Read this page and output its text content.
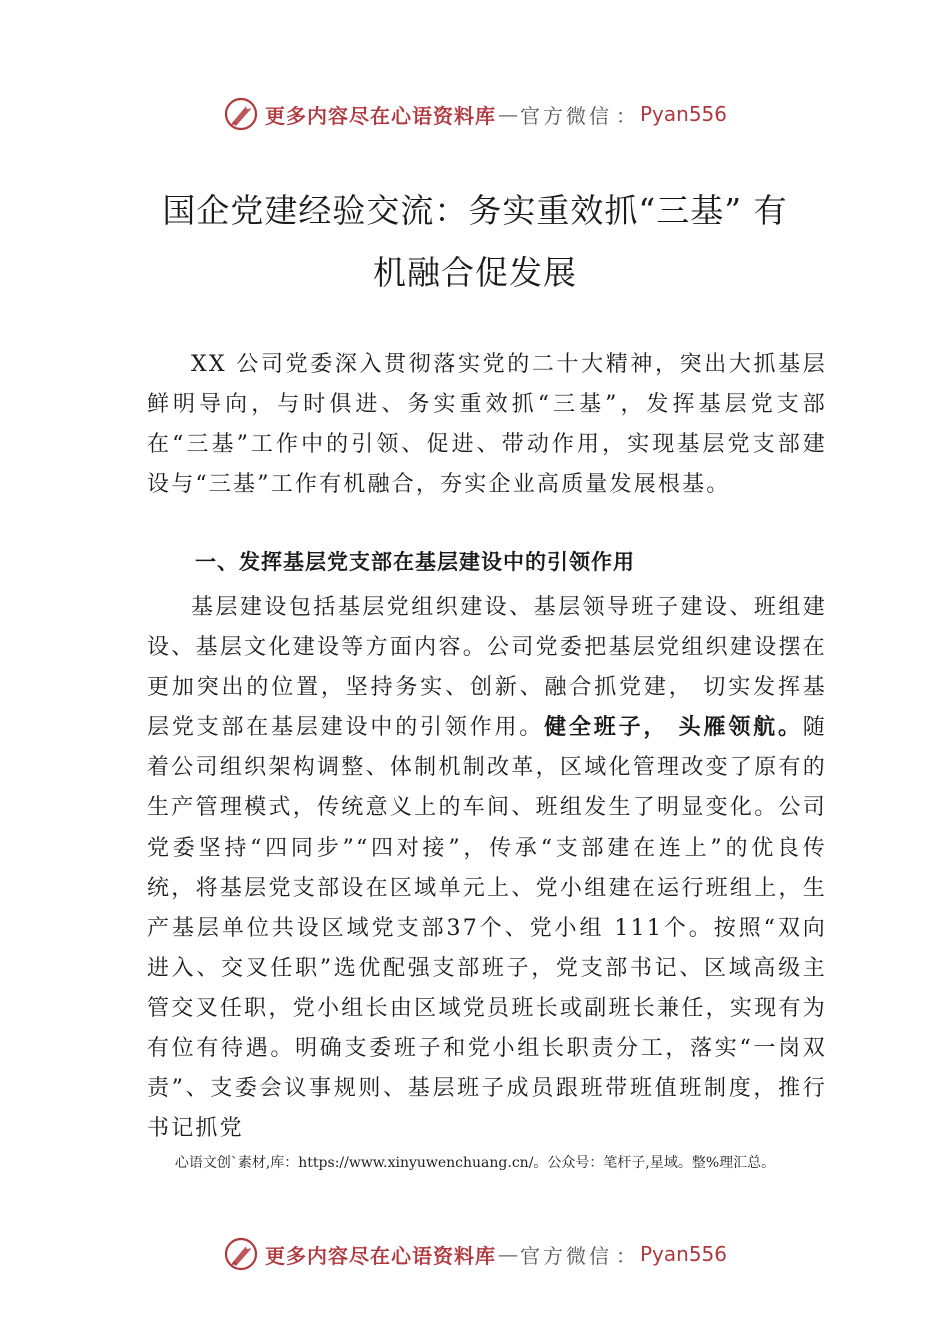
更多内容尽在心语资料库 — 官方微信 ： Pyan556
国企党建经验交流：务实重效抓“三基” 有
机融合促发展

XX 公司党委深入贯彻落实党的二十大精神，突出大抓基层鲜明导向，与时俱进、务实重效抓“三基”，发挥基层党支部在“三基”工作中的引领、促进、带动作用，实现基层党支部建设与“三基”工作有机融合，夯实企业高质量发展根基。

一、发挥基层党支部在基层建设中的引领作用

基层建设包括基层党组织建设、基层领导班子建设、班组建设、基层文化建设等方面内容。公司党委把基层党组织建设摆在更加突出的位置，坚持务实、创新、融合抓党建， 切实发挥基层党支部在基层建设中的引领作用。健全班子， 头雁领航。随着公司组织架构调整、体制机制改革，区域化管理改变了原有的生产管理模式，传统意义上的车间、班组发生了明显变化。公司党委坚持“四同步”“四对接”，传承“支部建在连上”的优良传统，将基层党支部设在区域单元上、党小组建在运行班组上，生产基层单位共设区域党支部37个、党小组 111个。按照“双向进入、交叉任职”选优配强支部班子，党支部书记、区域高级主管交叉任职，党小组长由区域党员班长或副班长兼任，实现有为有位有待遇。明确支委班子和党小组长职责分工，落实“一岗双责”、支委会议事规则、基层班子成员跟班带班值班制度，推行书记抓党

心语文创`素材,库：https://www.xinyuwenchuang.cn/。公众号：笔杆子,星域。整%理汇总。

更多内容尽在心语资料库 — 官方微信 ： Pyan556
